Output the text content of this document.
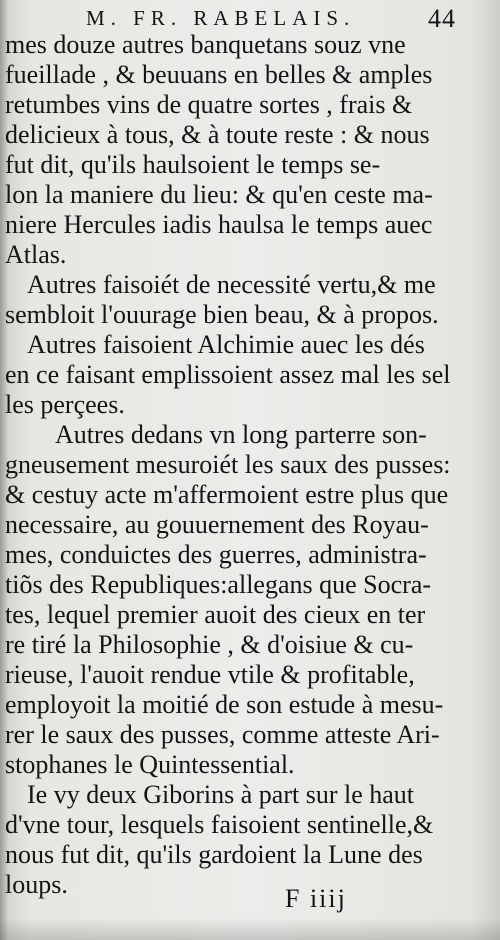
M. FR. RABELAIS.	44
mes douze autres banquetans souz vne
fueillade , & beuuans en belles & amples
retumbes vins de quatre sortes , frais &
delicieux à tous, & à toute reste : & nous
fut dit, qu'ils haulsoient le temps se-
lon la maniere du lieu: & qu'en ceste ma-
niere Hercules iadis haulsa le temps auec
Atlas.
Autres faisoiét de necessité vertu,& me
sembloit l'ouurage bien beau, & à propos.
Autres faisoient Alchimie auec les dés
en ce faisant emplissoient assez mal les sel
les perçees.
Autres dedans vn long parterre son-
gneusement mesuroiét les saux des pusses:
& cestuy acte m'affermoient estre plus que
necessaire, au gouuernement des Royau-
mes, conduictes des guerres, administra-
tiõs des Republiques:allegans que Socra-
tes, lequel premier auoit des cieux en ter
re tiré la Philosophie , & d'oisiue & cu-
rieuse, l'auoit rendue vtile & profitable,
employoit la moitié de son estude à mesu-
rer le saux des pusses, comme atteste Ari-
stophanes le Quintessential.
Ie vy deux Giborins à part sur le haut
d'vne tour, lesquels faisoient sentinelle,&
nous fut dit, qu'ils gardoient la Lune des
loups.	F iiij
